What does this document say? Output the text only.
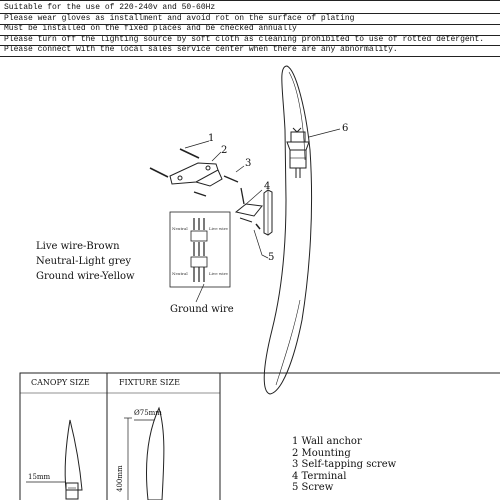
Suitable for the use of 220-240v and 50-60Hz
Please wear gloves as installment and avoid rot on the surface of plating
Must be installed on the fixed places and be checked annually
Please turn off the lighting source by soft cloth as cleaning prohibited to use of rotted detergent.
Please connect with the local sales service center when there are any abnormality.
1
2
3
4
5
6
Neutral	Live wire
Neutral	Live wire
Live wire-Brown
Neutral-Light grey
Ground wire-Yellow
Ground wire
CANOPY SIZE	FIXTURE SIZE
15mm
Ø75mm
400mm
1 Wall anchor
2 Mounting
3 Self-tapping screw
4 Terminal
5 Screw
